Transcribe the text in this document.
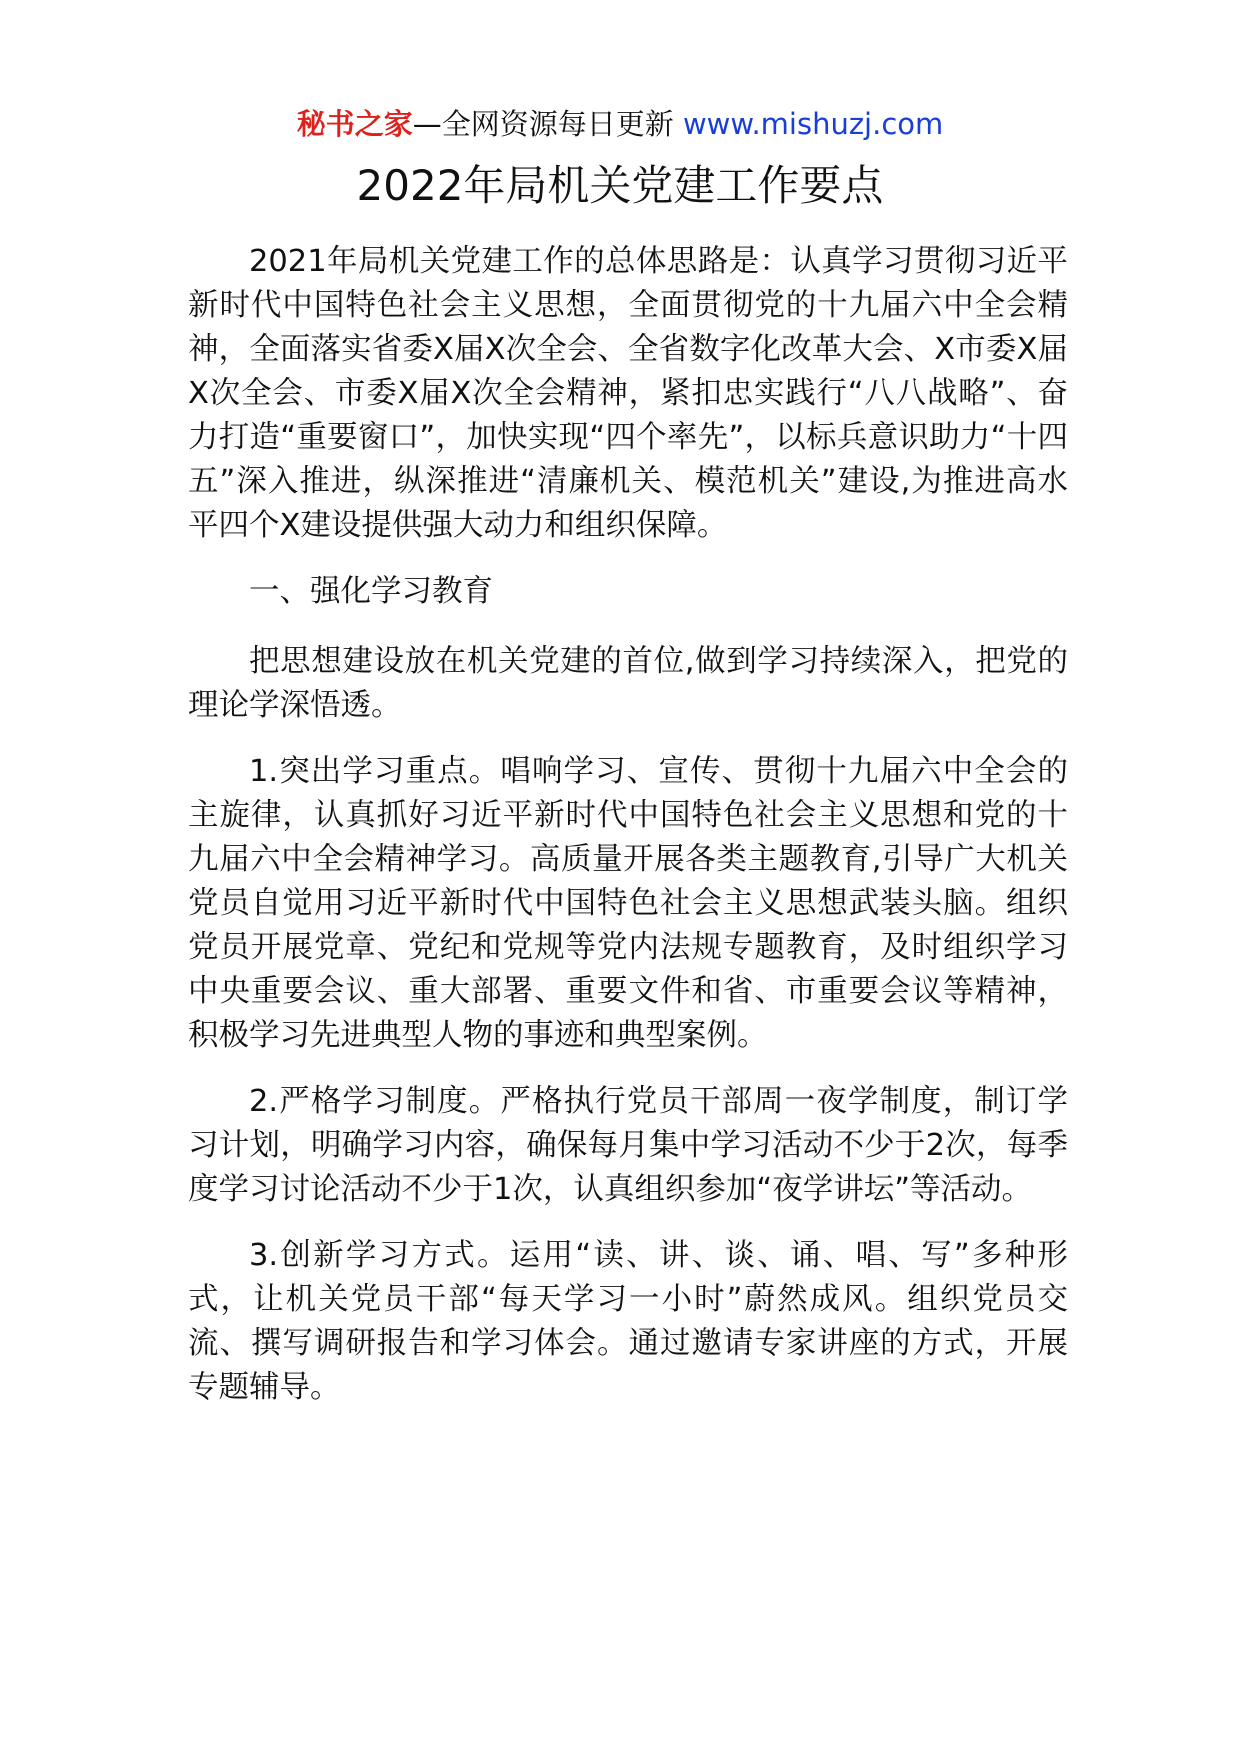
秘书之家—全网资源每日更新 www.mishuzj.com
2022年局机关党建工作要点

2021年局机关党建工作的总体思路是：认真学习贯彻习近平新时代中国特色社会主义思想，全面贯彻党的十九届六中全会精神，全面落实省委X届X次全会、全省数字化改革大会、X市委X届X次全会、市委X届X次全会精神，紧扣忠实践行“八八战略”、奋力打造“重要窗口”，加快实现“四个率先”，以标兵意识助力“十四五”深入推进，纵深推进“清廉机关、模范机关”建设,为推进高水平四个X建设提供强大动力和组织保障。

一、强化学习教育

把思想建设放在机关党建的首位,做到学习持续深入，把党的理论学深悟透。

1.突出学习重点。唱响学习、宣传、贯彻十九届六中全会的主旋律，认真抓好习近平新时代中国特色社会主义思想和党的十九届六中全会精神学习。高质量开展各类主题教育,引导广大机关党员自觉用习近平新时代中国特色社会主义思想武装头脑。组织党员开展党章、党纪和党规等党内法规专题教育，及时组织学习中央重要会议、重大部署、重要文件和省、市重要会议等精神，积极学习先进典型人物的事迹和典型案例。

2.严格学习制度。严格执行党员干部周一夜学制度，制订学习计划，明确学习内容，确保每月集中学习活动不少于2次，每季度学习讨论活动不少于1次，认真组织参加“夜学讲坛”等活动。

3.创新学习方式。运用“读、讲、谈、诵、唱、写”多种形式，让机关党员干部“每天学习一小时”蔚然成风。组织党员交流、撰写调研报告和学习体会。通过邀请专家讲座的方式，开展专题辅导。
